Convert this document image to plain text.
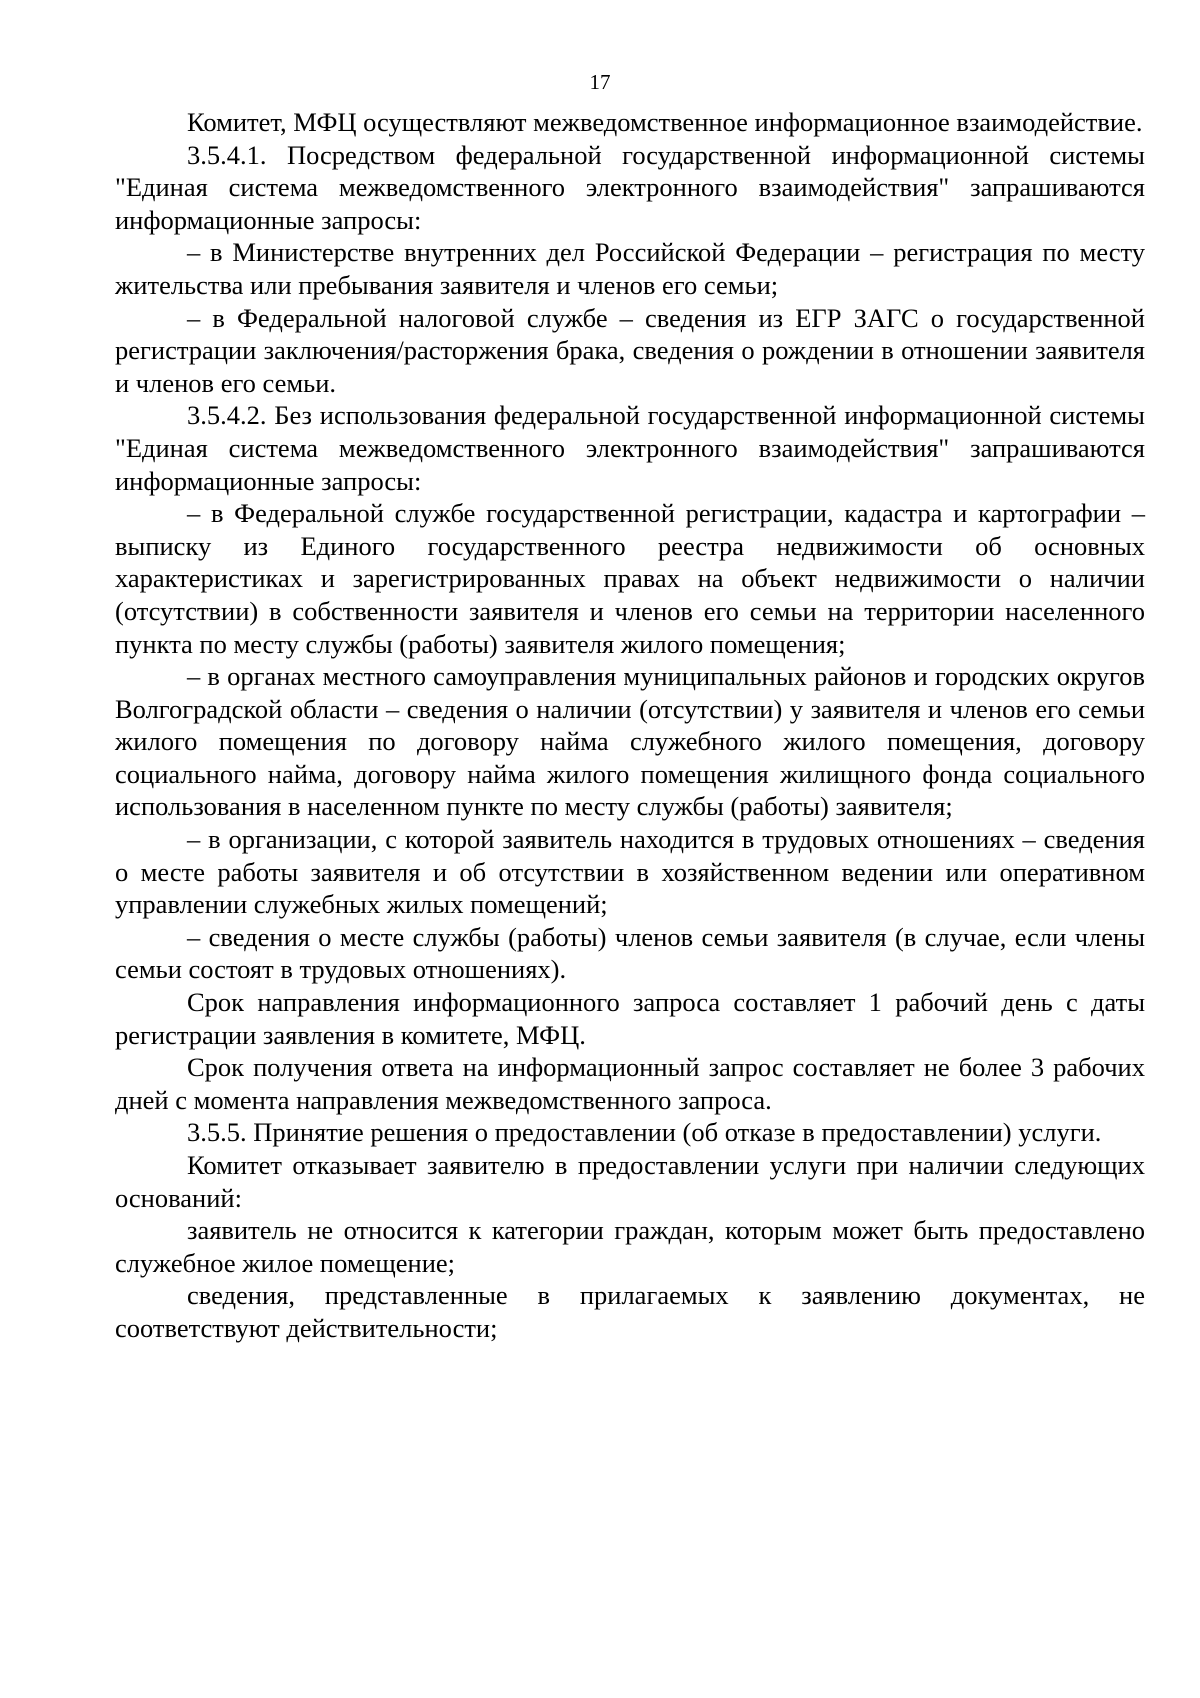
17

Комитет, МФЦ осуществляют межведомственное информационное взаимодействие.

3.5.4.1. Посредством федеральной государственной информационной системы "Единая система межведомственного электронного взаимодействия" запрашиваются информационные запросы:

– в Министерстве внутренних дел Российской Федерации – регистрация по месту жительства или пребывания заявителя и членов его семьи;

– в Федеральной налоговой службе – сведения из ЕГР ЗАГС о государственной регистрации заключения/расторжения брака, сведения о рождении в отношении заявителя и членов его семьи.

3.5.4.2. Без использования федеральной государственной информационной системы "Единая система межведомственного электронного взаимодействия" запрашиваются информационные запросы:

– в Федеральной службе государственной регистрации, кадастра и картографии – выписку из Единого государственного реестра недвижимости об основных характеристиках и зарегистрированных правах на объект недвижимости о наличии (отсутствии) в собственности заявителя и членов его семьи на территории населенного пункта по месту службы (работы) заявителя жилого помещения;

– в органах местного самоуправления муниципальных районов и городских округов Волгоградской области – сведения о наличии (отсутствии) у заявителя и членов его семьи жилого помещения по договору найма служебного жилого помещения, договору социального найма, договору найма жилого помещения жилищного фонда социального использования в населенном пункте по месту службы (работы) заявителя;

– в организации, с которой заявитель находится в трудовых отношениях – сведения о месте работы заявителя и об отсутствии в хозяйственном ведении или оперативном управлении служебных жилых помещений;

– сведения о месте службы (работы) членов семьи заявителя (в случае, если члены семьи состоят в трудовых отношениях).

Срок направления информационного запроса составляет 1 рабочий день с даты регистрации заявления в комитете, МФЦ.

Срок получения ответа на информационный запрос составляет не более 3 рабочих дней с момента направления межведомственного запроса.

3.5.5. Принятие решения о предоставлении (об отказе в предоставлении) услуги.

Комитет отказывает заявителю в предоставлении услуги при наличии следующих оснований:

заявитель не относится к категории граждан, которым может быть предоставлено служебное жилое помещение;

сведения, представленные в прилагаемых к заявлению документах, не соответствуют действительности;
